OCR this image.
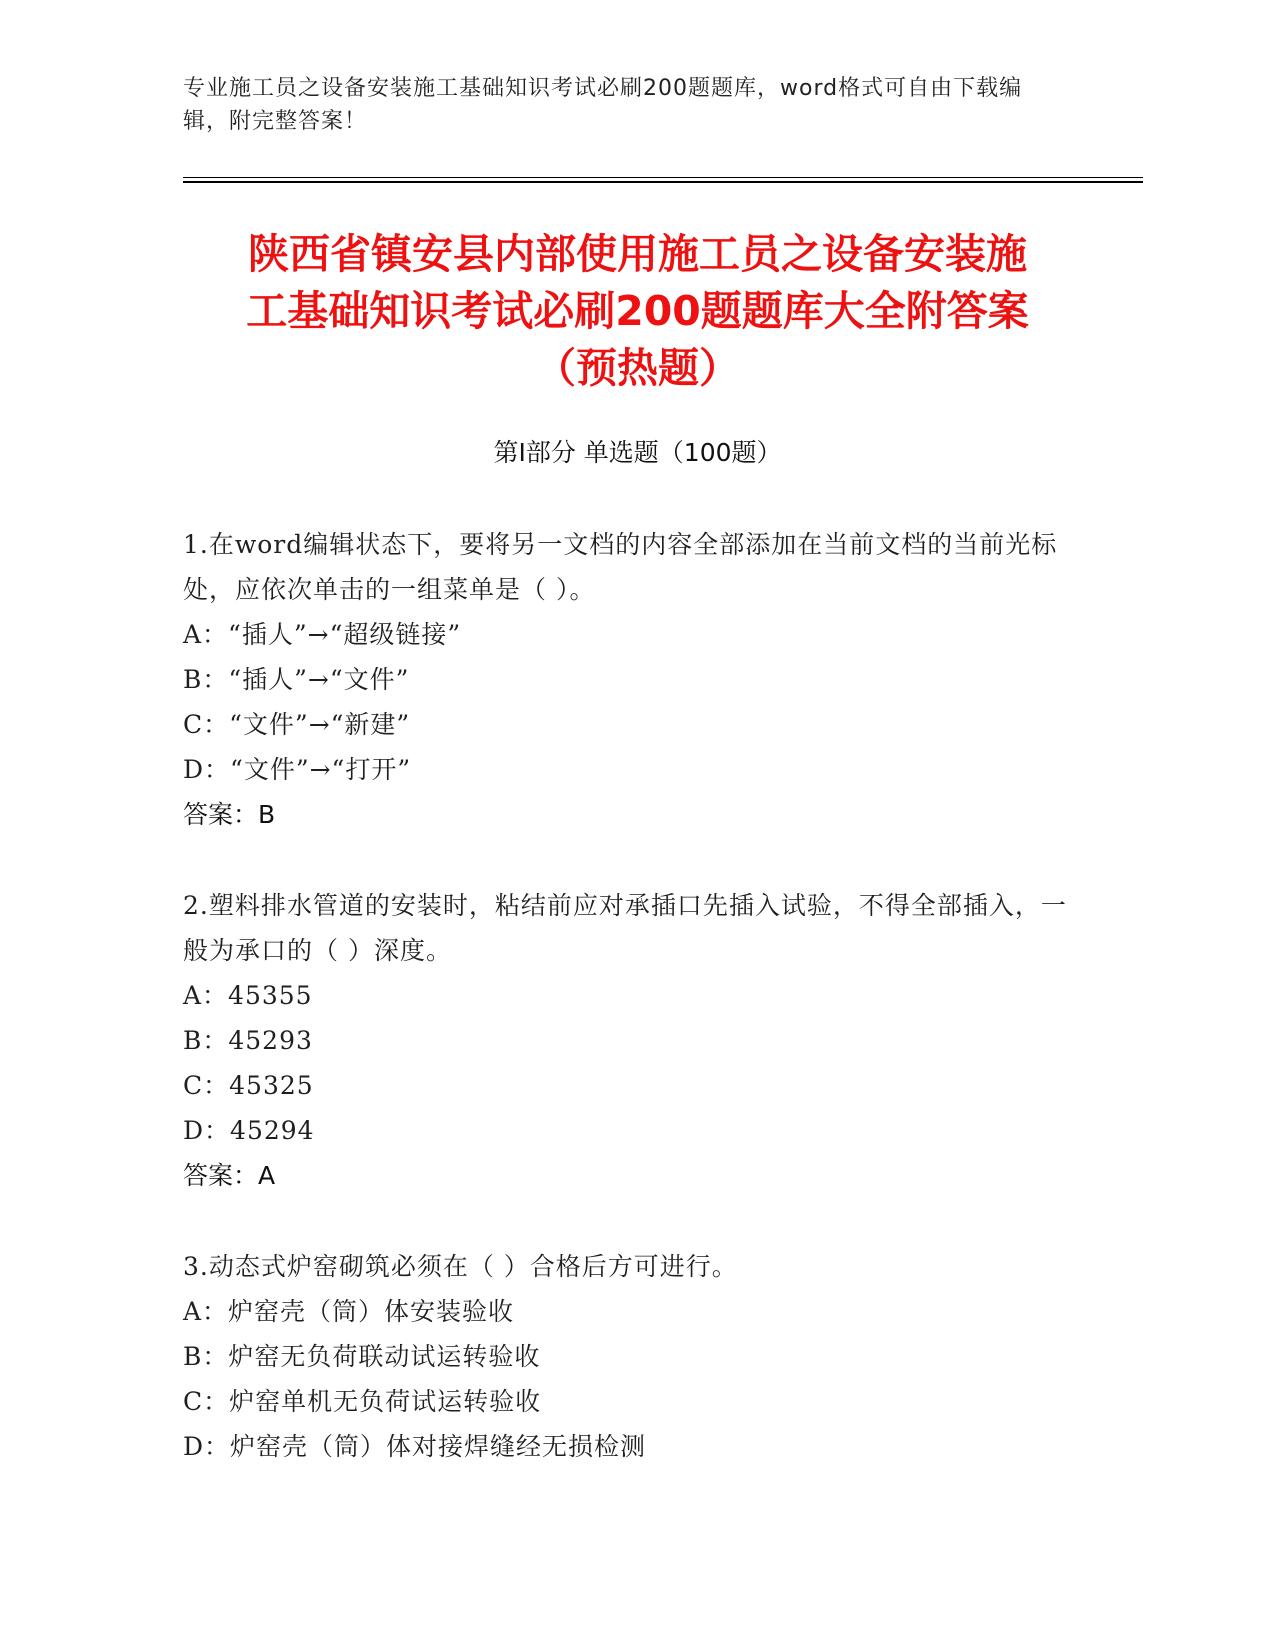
专业施工员之设备安装施工基础知识考试必刷200题题库，word格式可自由下载编辑，附完整答案！
陕西省镇安县内部使用施工员之设备安装施
工基础知识考试必刷200题题库大全附答案
（预热题）
第I部分 单选题（100题）
1.在word编辑状态下，要将另一文档的内容全部添加在当前文档的当前光标处，应依次单击的一组菜单是（ ）。
A：“插人”→“超级链接”
B：“插人”→“文件”
C：“文件”→“新建”
D：“文件”→“打开”
答案：B
2.塑料排水管道的安装时，粘结前应对承插口先插入试验，不得全部插入，一般为承口的（ ）深度。
A：45355
B：45293
C：45325
D：45294
答案：A
3.动态式炉窑砌筑必须在（ ）合格后方可进行。
A：炉窑壳（筒）体安装验收
B：炉窑无负荷联动试运转验收
C：炉窑单机无负荷试运转验收
D：炉窑壳（筒）体对接焊缝经无损检测
